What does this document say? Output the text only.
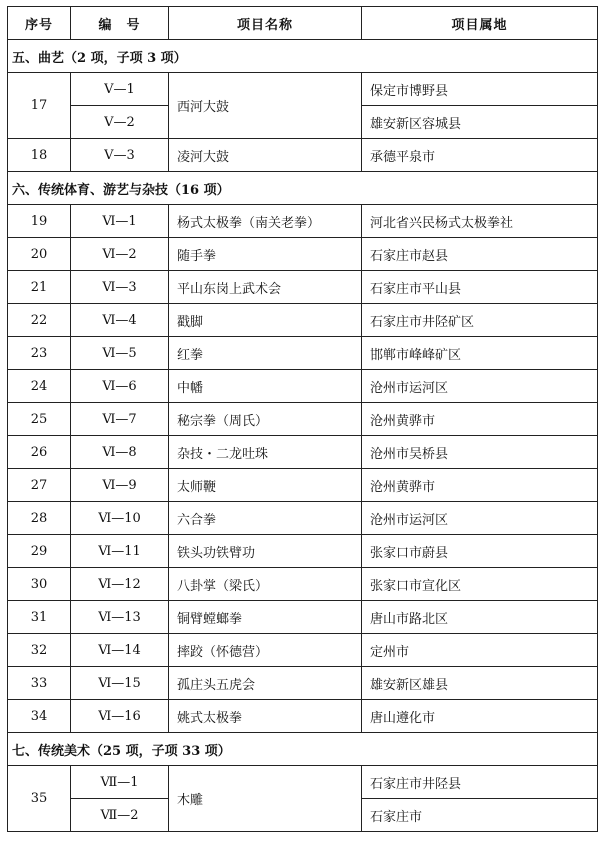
序号	编　号	项目名称	项目属地
五、曲艺（2 项，子项 3 项）			
17	Ⅴ—1	西河大鼓	保定市博野县
	Ⅴ—2		雄安新区容城县
18	Ⅴ—3	凌河大鼓	承德平泉市
六、传统体育、游艺与杂技（16 项）			
19	Ⅵ—1	杨式太极拳（南关老拳）	河北省兴民杨式太极拳社
20	Ⅵ—2	随手拳	石家庄市赵县
21	Ⅵ—3	平山东岗上武术会	石家庄市平山县
22	Ⅵ—4	戳脚	石家庄市井陉矿区
23	Ⅵ—5	红拳	邯郸市峰峰矿区
24	Ⅵ—6	中幡	沧州市运河区
25	Ⅵ—7	秘宗拳（周氏）	沧州黄骅市
26	Ⅵ—8	杂技・二龙吐珠	沧州市吴桥县
27	Ⅵ—9	太师鞭	沧州黄骅市
28	Ⅵ—10	六合拳	沧州市运河区
29	Ⅵ—11	铁头功铁臂功	张家口市蔚县
30	Ⅵ—12	八卦掌（梁氏）	张家口市宣化区
31	Ⅵ—13	铜臂螳螂拳	唐山市路北区
32	Ⅵ—14	摔跤（怀德营）	定州市
33	Ⅵ—15	孤庄头五虎会	雄安新区雄县
34	Ⅵ—16	姚式太极拳	唐山遵化市
七、传统美术（25 项，子项 33 项）			
35	Ⅶ—1	木雕	石家庄市井陉县
	Ⅶ—2		石家庄市
